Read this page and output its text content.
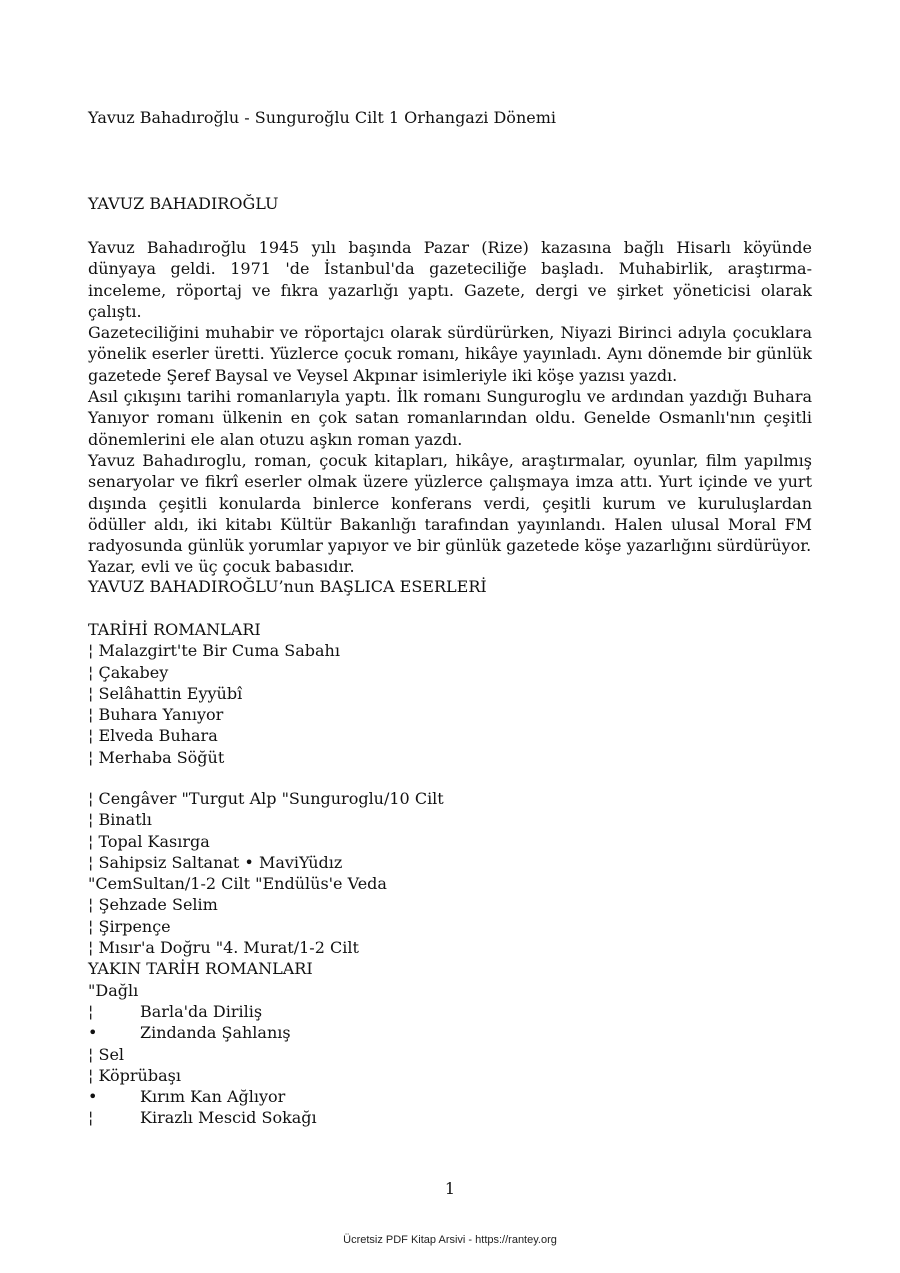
Yavuz Bahadıroğlu - Sunguroğlu Cilt 1 Orhangazi Dönemi
YAVUZ BAHADIROĞLU

Yavuz Bahadıroğlu 1945 yılı başında Pazar (Rize) kazasına bağlı Hisarlı köyünde dünyaya geldi. 1971 'de İstanbul'da gazeteciliğe başladı. Muhabirlik, araştırma-inceleme, röportaj ve fıkra yazarlığı yaptı. Gazete, dergi ve şirket yöneticisi olarak çalıştı.

Gazeteciliğini muhabir ve röportajcı olarak sürdürürken, Niyazi Birinci adıyla çocuklara yönelik eserler üretti. Yüzlerce çocuk romanı, hikâye yayınladı. Aynı dönemde bir günlük gazetede Şeref Baysal ve Veysel Akpınar isimleriyle iki köşe yazısı yazdı.

Asıl çıkışını tarihi romanlarıyla yaptı. İlk romanı Sunguroglu ve ardından yazdığı Buhara Yanıyor romanı ülkenin en çok satan romanlarından oldu. Genelde Osmanlı'nın çeşitli dönemlerini ele alan otuzu aşkın roman yazdı.

Yavuz Bahadıroglu, roman, çocuk kitapları, hikâye, araştırmalar, oyunlar, film yapılmış senaryolar ve fikrî eserler olmak üzere yüzlerce çalışmaya imza attı. Yurt içinde ve yurt dışında çeşitli konularda binlerce konferans verdi, çeşitli kurum ve kuruluşlardan ödüller aldı, iki kitabı Kültür Bakanlığı tarafından yayınlandı. Halen ulusal Moral FM radyosunda günlük yorumlar yapıyor ve bir günlük gazetede köşe yazarlığını sürdürüyor.

Yazar, evli ve üç çocuk babasıdır.

YAVUZ BAHADIROĞLU’nun BAŞLICA ESERLERİ
TARİHİ ROMANLARI
¦ Malazgirt'te Bir Cuma Sabahı
¦ Çakabey
¦ Selâhattin Eyyübî
¦ Buhara Yanıyor
¦ Elveda Buhara
¦ Merhaba Söğüt
¦ Cengâver "Turgut Alp "Sunguroglu/10 Cilt
¦ Binatlı
¦ Topal Kasırga
¦ Sahipsiz Saltanat • MaviYüdız
"CemSultan/1-2 Cilt "Endülüs'e Veda
¦ Şehzade Selim
¦ Şirpençe
¦ Mısır'a Doğru "4. Murat/1-2 Cilt
YAKIN TARİH ROMANLARI
"Dağlı
¦	Barla'da Diriliş
•	Zindanda Şahlanış
¦ Sel
¦ Köprübaşı
•	Kırım Kan Ağlıyor
¦	Kirazlı Mescid Sokağı
1
Ücretsiz PDF Kitap Arsivi - https://rantey.org
